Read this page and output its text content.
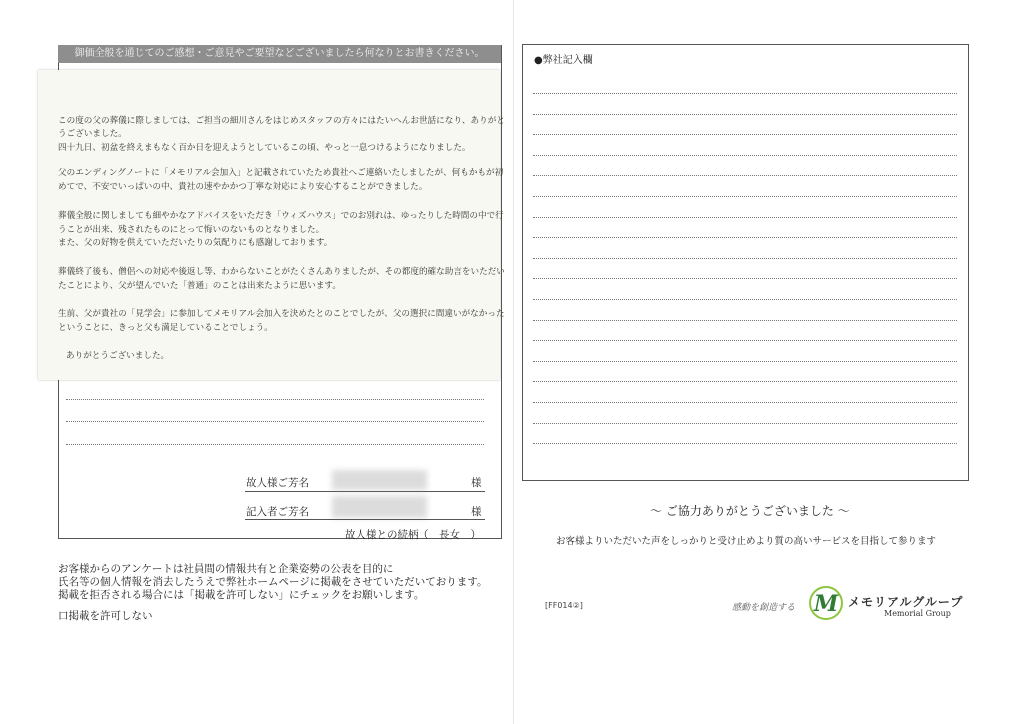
御価全般を通じてのご感想・ご意見やご要望などございましたら何なりとお書きください。

この度の父の葬儀に際しましては、ご担当の細川さんをはじめスタッフの方々にはたいへんお世話になり、ありがと

うございました。

四十九日、初盆を終えまもなく百か日を迎えようとしているこの頃、やっと一息つけるようになりました。

父のエンディングノートに「メモリアル会加入」と記載されていたため貴社へご連絡いたしましたが、何もかもが初

めてで、不安でいっぱいの中、貴社の速やかかつ丁寧な対応により安心することができました。

葬儀全般に関しましても細やかなアドバイスをいただき「ウィズハウス」でのお別れは、ゆったりした時間の中で行

うことが出来、残されたものにとって悔いのないものとなりました。

また、父の好物を供えていただいたりの気配りにも感謝しております。

葬儀終了後も、僧侶への対応や後返し等、わからないことがたくさんありましたが、その都度的確な助言をいただい

たことにより、父が望んでいた「普通」のことは出来たように思います。

生前、父が貴社の「見学会」に参加してメモリアル会加入を決めたとのことでしたが、父の選択に間違いがなかった

ということに、きっと父も満足していることでしょう。

ありがとうございました。

故人様ご芳名	様
記入者ご芳名	様
故人様との続柄 （　長女　）
お客様からのアンケートは社員間の情報共有と企業姿勢の公表を目的に
氏名等の個人情報を消去したうえで弊社ホームページに掲載をさせていただいております。
掲載を拒否される場合には「掲載を許可しない」にチェックをお願いします。
口掲載を許可しない
●弊社記入欄
〜 ご協力ありがとうございました 〜
お客様よりいただいた声をしっかりと受け止めより質の高いサービスを目指して参ります
[FF014②]	感動を創造する M メモリアルグループ
Memorial Group
